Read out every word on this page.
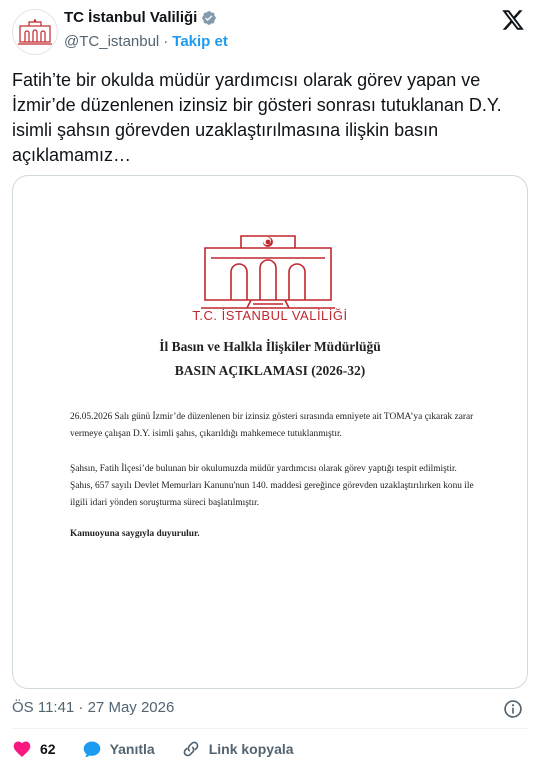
TC İstanbul Valiliği
@TC_istanbul · Takip et
Fatih’te bir okulda müdür yardımcısı olarak görev yapan ve İzmir’de düzenlenen izinsiz bir gösteri sonrası tutuklanan D.Y. isimli şahsın görevden uzaklaştırılmasına ilişkin basın açıklamamız…
T.C. İSTANBUL VALİLİĞİ
İl Basın ve Halkla İlişkiler Müdürlüğü
BASIN AÇIKLAMASI (2026-32)
26.05.2026 Salı günü İzmir’de düzenlenen bir izinsiz gösteri sırasında emniyete ait TOMA’ya çıkarak zarar vermeye çalışan D.Y. isimli şahıs, çıkarıldığı mahkemece tutuklanmıştır.
Şahsın, Fatih İlçesi’de bulunan bir okulumuzda müdür yardımcısı olarak görev yaptığı tespit edilmiştir. Şahıs, 657 sayılı Devlet Memurları Kanunu'nun 140. maddesi gereğince görevden uzaklaştırılırken konu ile ilgili idari yönden soruşturma süreci başlatılmıştır.
Kamuoyuna saygıyla duyurulur.
ÖS 11:41 · 27 May 2026
62	Yanıtla	Link kopyala
